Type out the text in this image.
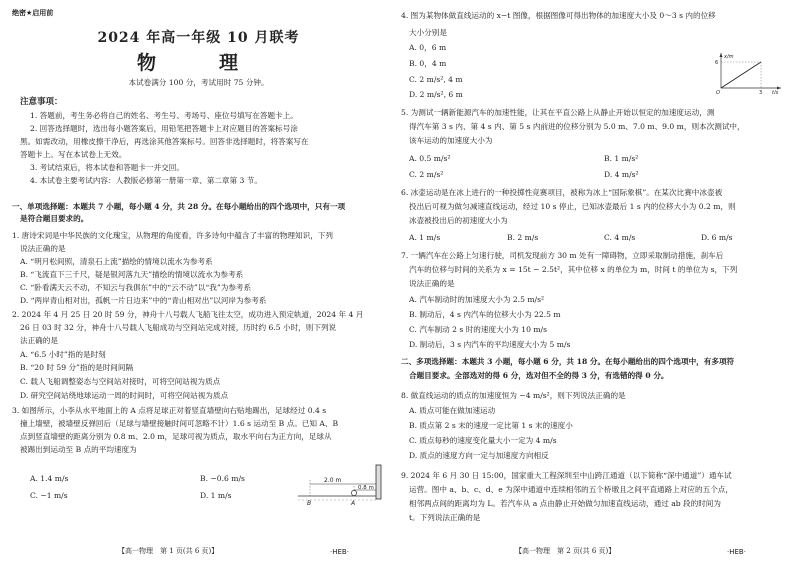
绝密★启用前
2024 年高一年级 10 月联考
物　理
本试卷满分 100 分，考试用时 75 分钟。
注意事项：
1. 答题前，考生务必将自己的姓名、考生号、考场号、座位号填写在答题卡上。
2. 回答选择题时，选出每小题答案后，用铅笔把答题卡上对应题目的答案标号涂
黑。如需改动，用橡皮擦干净后，再选涂其他答案标号。回答非选择题时，将答案写在
答题卡上。写在本试卷上无效。
3. 考试结束后，将本试卷和答题卡一并交回。
4. 本试卷主要考试内容：人教版必修第一册第一章、第二章第 3 节。
一、单项选择题：本题共 7 小题，每小题 4 分，共 28 分。在每小题给出的四个选项中，只有一项
是符合题目要求的。
1. 唐诗宋词是中华民族的文化瑰宝，从物理的角度看，许多诗句中蕴含了丰富的物理知识，下列
说法正确的是
A. “明月松间照，清泉石上流”描绘的情境以流水为参考系
B. “飞流直下三千尺，疑是银河落九天”描绘的情境以流水为参考系
C. “卧看满天云不动，不知云与我俱东”中的“云不动”以“我”为参考系
D. “两岸青山相对出，孤帆一片日边来”中的“青山相对出”以河岸为参考系
2. 2024 年 4 月 25 日 20 时 59 分，神舟十八号载人飞船飞往太空，成功进入预定轨道，2024 年 4 月
26 日 03 时 32 分，神舟十八号载人飞船成功与空间站完成对接，历时约 6.5 小时，则下列说
法正确的是
A. “6.5 小时”指的是时刻
B. “20 时 59 分”指的是时间间隔
C. 载人飞船调整姿态与空间站对接时，可将空间站视为质点
D. 研究空间站绕地球运动一周的时间时，可将空间站视为质点
3. 如图所示，小李从水平地面上的 A 点将足球正对着竖直墙壁向右贴地踢出，足球经过 0.4 s
撞上墙壁，被墙壁反弹回后（足球与墙壁接触时间可忽略不计）1.6 s 运动至 B 点。已知 A、B
点到竖直墙壁的距离分别为 0.8 m、2.0 m，足球可视为质点，取水平向右为正方向，足球从
被踢出到运动至 B 点的平均速度为
A. 1.4 m/s	B. −0.6 m/s
C. −1 m/s	D. 1 m/s
2.0 m
0.8 m
B	A
【高一物理　第 1 页(共 6 页)】	·HEB·
4. 图为某物体做直线运动的 x−t 图像，根据图像可得出物体的加速度大小及 0～3 s 内的位移
大小分别是
A. 0，6 m
B. 0，4 m
C. 2 m/s², 4 m
D. 2 m/s², 6 m
x/m
t/s
6
3
O
5. 为测试一辆新能源汽车的加速性能，让其在平直公路上从静止开始以恒定的加速度运动，测
得汽车第 3 s 内、第 4 s 内、第 5 s 内前进的位移分别为 5.0 m、7.0 m、9.0 m，则本次测试中，
该车运动的加速度大小为
A. 0.5 m/s²	B. 1 m/s²
C. 2 m/s²	D. 4 m/s²
6. 冰壶运动是在冰上进行的一种投掷性竞赛项目，被称为冰上“国际象棋”。在某次比赛中冰壶被
投出后可视为做匀减速直线运动，经过 10 s 停止，已知冰壶最后 1 s 内的位移大小为 0.2 m，则
冰壶被投出后的初速度大小为
A. 1 m/s	B. 2 m/s	C. 4 m/s	D. 6 m/s
7. 一辆汽车在公路上匀速行驶，司机发现前方 30 m 处有一障碍物，立即采取制动措施，刹车后
汽车的位移与时间的关系为 x = 15t − 2.5t²，其中位移 x 的单位为 m，时间 t 的单位为 s，下列
说法正确的是
A. 汽车制动时的加速度大小为 2.5 m/s²
B. 制动后，4 s 内汽车的位移大小为 22.5 m
C. 汽车制动 2 s 时的速度大小为 10 m/s
D. 制动后，3 s 内汽车的平均速度大小为 5 m/s
二、多项选择题：本题共 3 小题，每小题 6 分，共 18 分。在每小题给出的四个选项中，有多项符
合题目要求。全部选对的得 6 分，选对但不全的得 3 分，有选错的得 0 分。
8. 做直线运动的质点的加速度恒为 −4 m/s²，则下列说法正确的是
A. 质点可能在做加速运动
B. 质点第 2 s 末的速度一定比第 1 s 末的速度小
C. 质点每秒的速度变化量大小一定为 4 m/s
D. 质点的速度方向一定与加速度方向相反
9. 2024 年 6 月 30 日 15:00，国家重大工程深圳至中山跨江通道（以下简称“深中通道”）通车试
运营。图中 a、b、c、d、e 为深中通道中连续相邻的五个桥墩且之间平直通路上对应的五个点，
相邻两点间的距离均为 L。若汽车从 a 点由静止开始做匀加速直线运动，通过 ab 段的时间为
t。下列说法正确的是
【高一物理　第 2 页(共 6 页)】	·HEB·
